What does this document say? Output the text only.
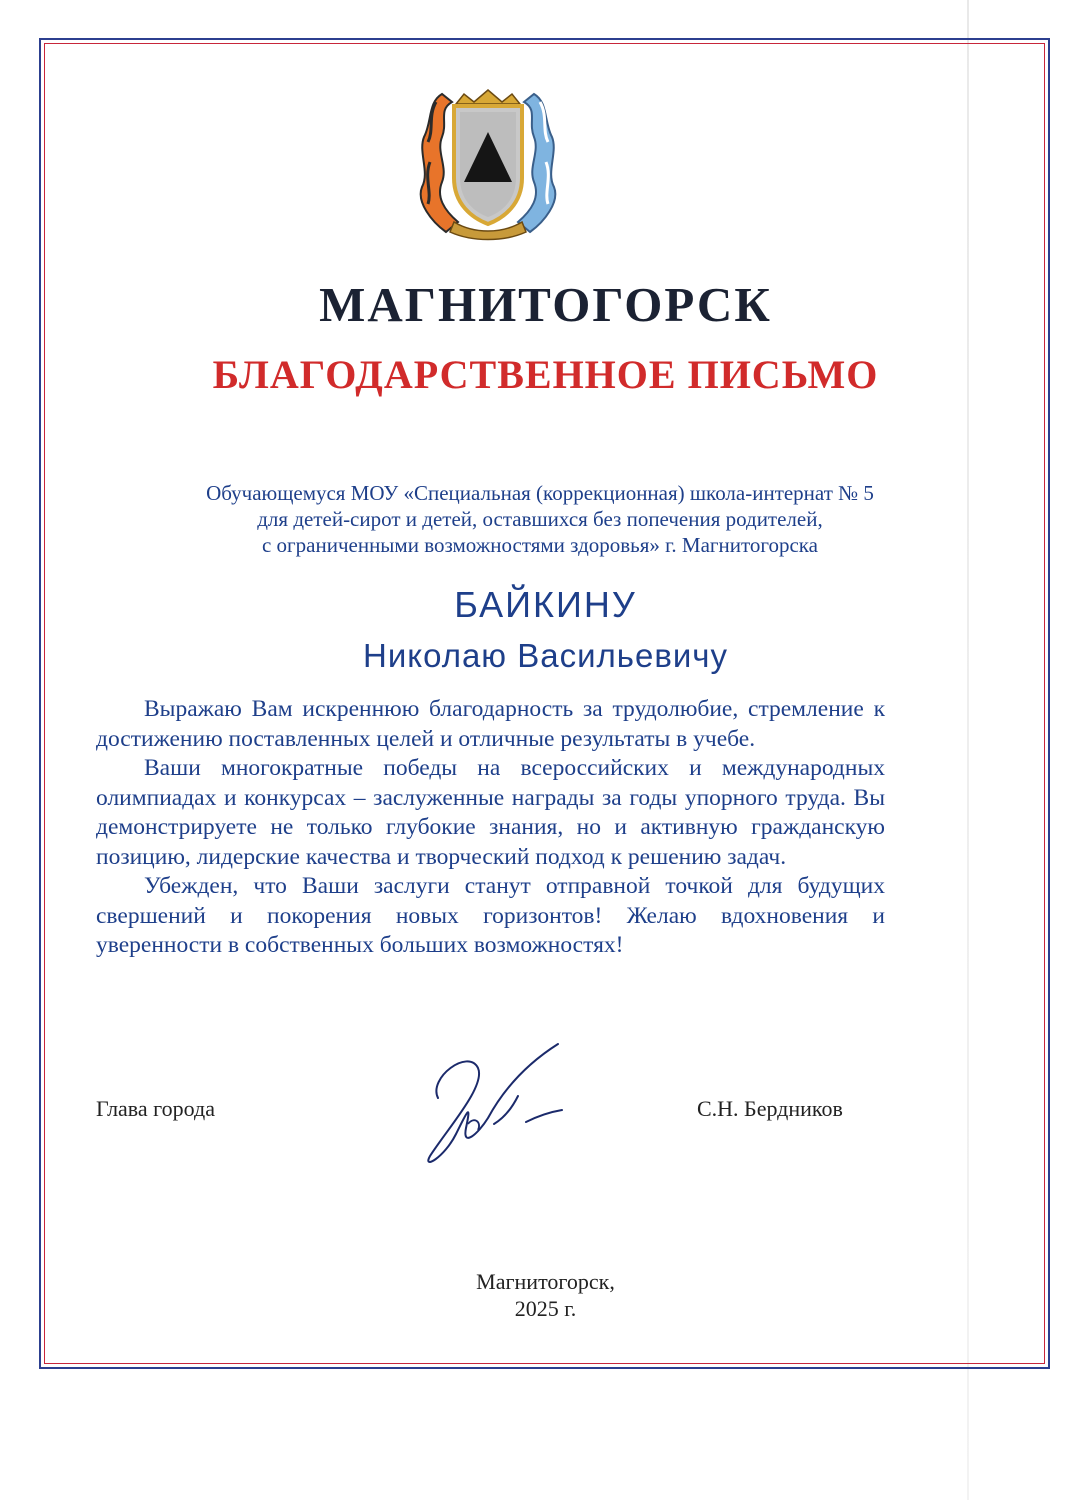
МАГНИТОГОРСК
БЛАГОДАРСТВЕННОЕ ПИСЬМО
Обучающемуся МОУ «Специальная (коррекционная) школа-интернат № 5
для детей-сирот и детей, оставшихся без попечения родителей,
с ограниченными возможностями здоровья» г. Магнитогорска
БАЙКИНУ
Николаю Васильевичу

Выражаю Вам искреннюю благодарность за трудолюбие, стремление к достижению поставленных целей и отличные результаты в учебе.

Ваши многократные победы на всероссийских и международных олимпиадах и конкурсах – заслуженные награды за годы упорного труда. Вы демонстрируете не только глубокие знания, но и активную гражданскую позицию, лидерские качества и творческий подход к решению задач.

Убежден, что Ваши заслуги станут отправной точкой для будущих свершений и покорения новых горизонтов! Желаю вдохновения и уверенности в собственных больших возможностях!

Глава города	С.Н. Бердников
Магнитогорск,
2025 г.
